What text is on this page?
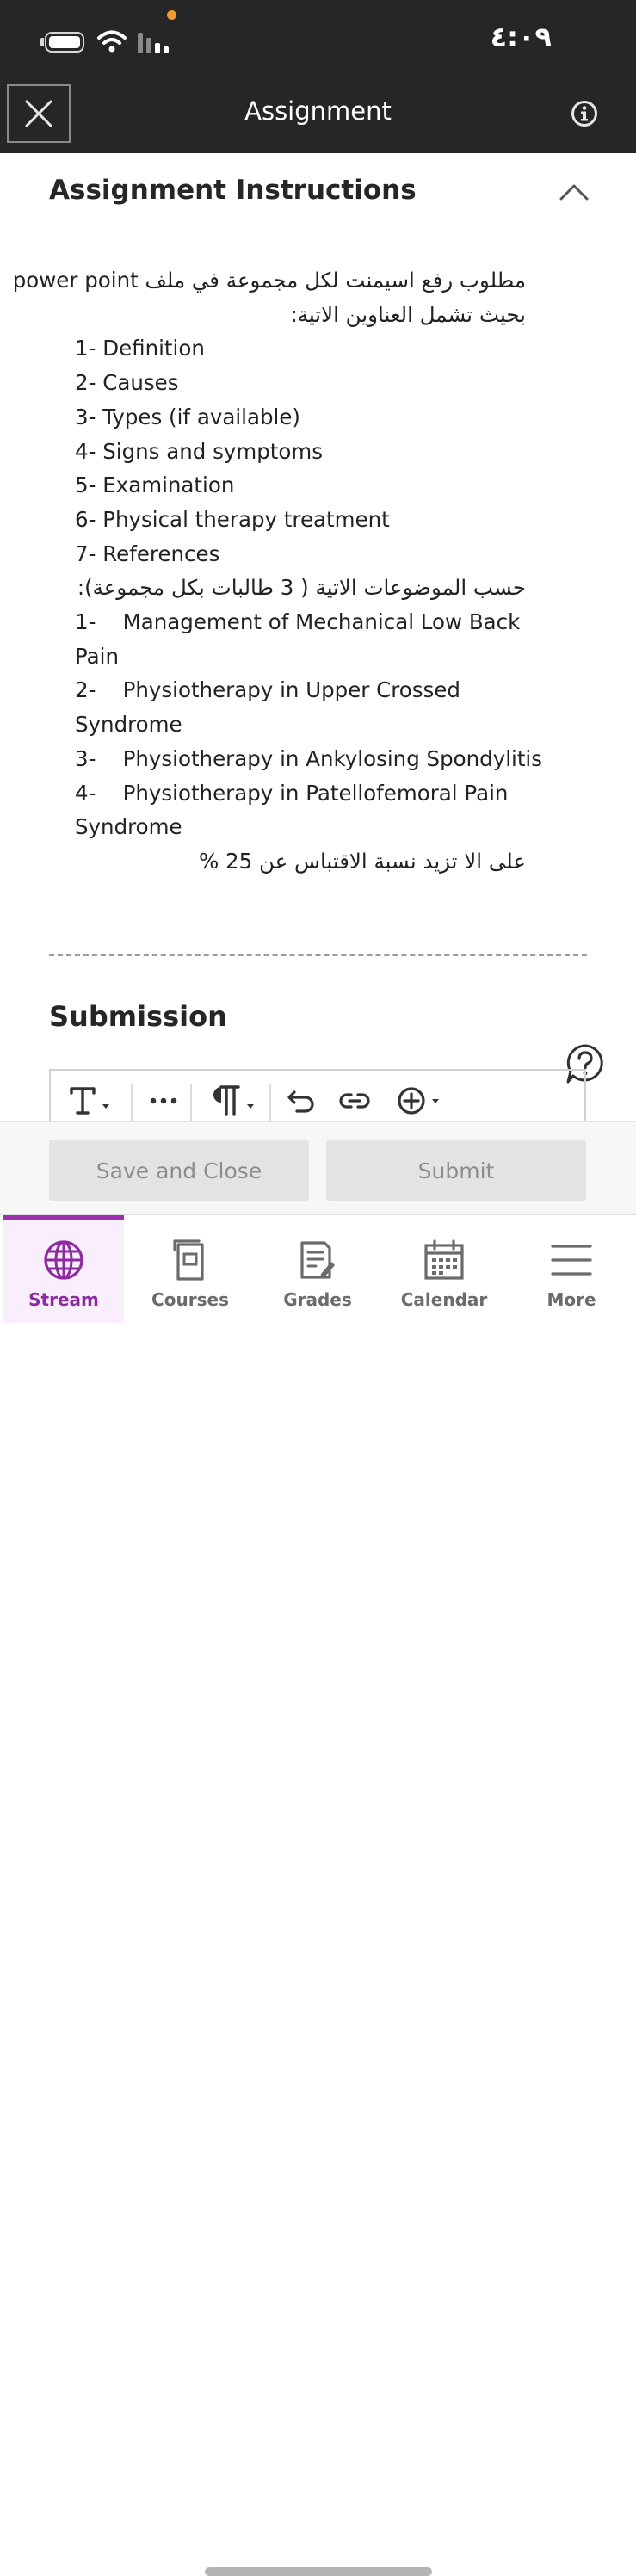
٤:٠٩
Assignment
Assignment Instructions
مطلوب رفع اسيمنت لكل مجموعة في ملف power point
بحيث تشمل العناوين الاتية:
1- Definition
2- Causes
3- Types (if available)
4- Signs and symptoms
5- Examination
6- Physical therapy treatment
7- References
حسب الموضوعات الاتية ( 3 طالبات بكل مجموعة):
1-    Management of Mechanical Low Back
Pain
2-    Physiotherapy in Upper Crossed
Syndrome
3-    Physiotherapy in Ankylosing Spondylitis
4-    Physiotherapy in Patellofemoral Pain
Syndrome
على الا تزيد نسبة الاقتباس عن 25 %
Submission
Save and Close	Submit
Stream	Courses	Grades	Calendar	More
